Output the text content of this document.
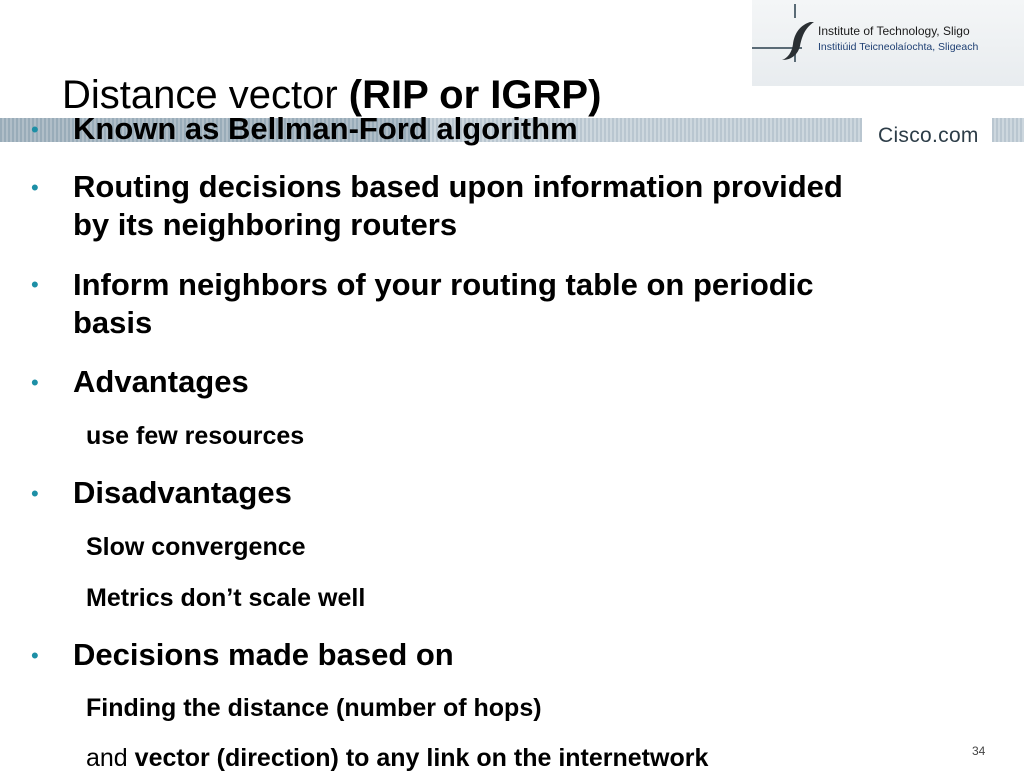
Institute of Technology, Sligo
Institiúid Teicneolaíochta, Sligeach
Cisco.com
Distance vector (RIP or IGRP)
• Known as Bellman-Ford algorithm
• Routing decisions based upon information provided
by its neighboring routers
• Inform neighbors of your routing table on periodic
basis
• Advantages
use few resources
• Disadvantages
Slow convergence
Metrics don’t scale well
• Decisions made based on
Finding the distance (number of hops)
and vector (direction) to any link on the internetwork	34
